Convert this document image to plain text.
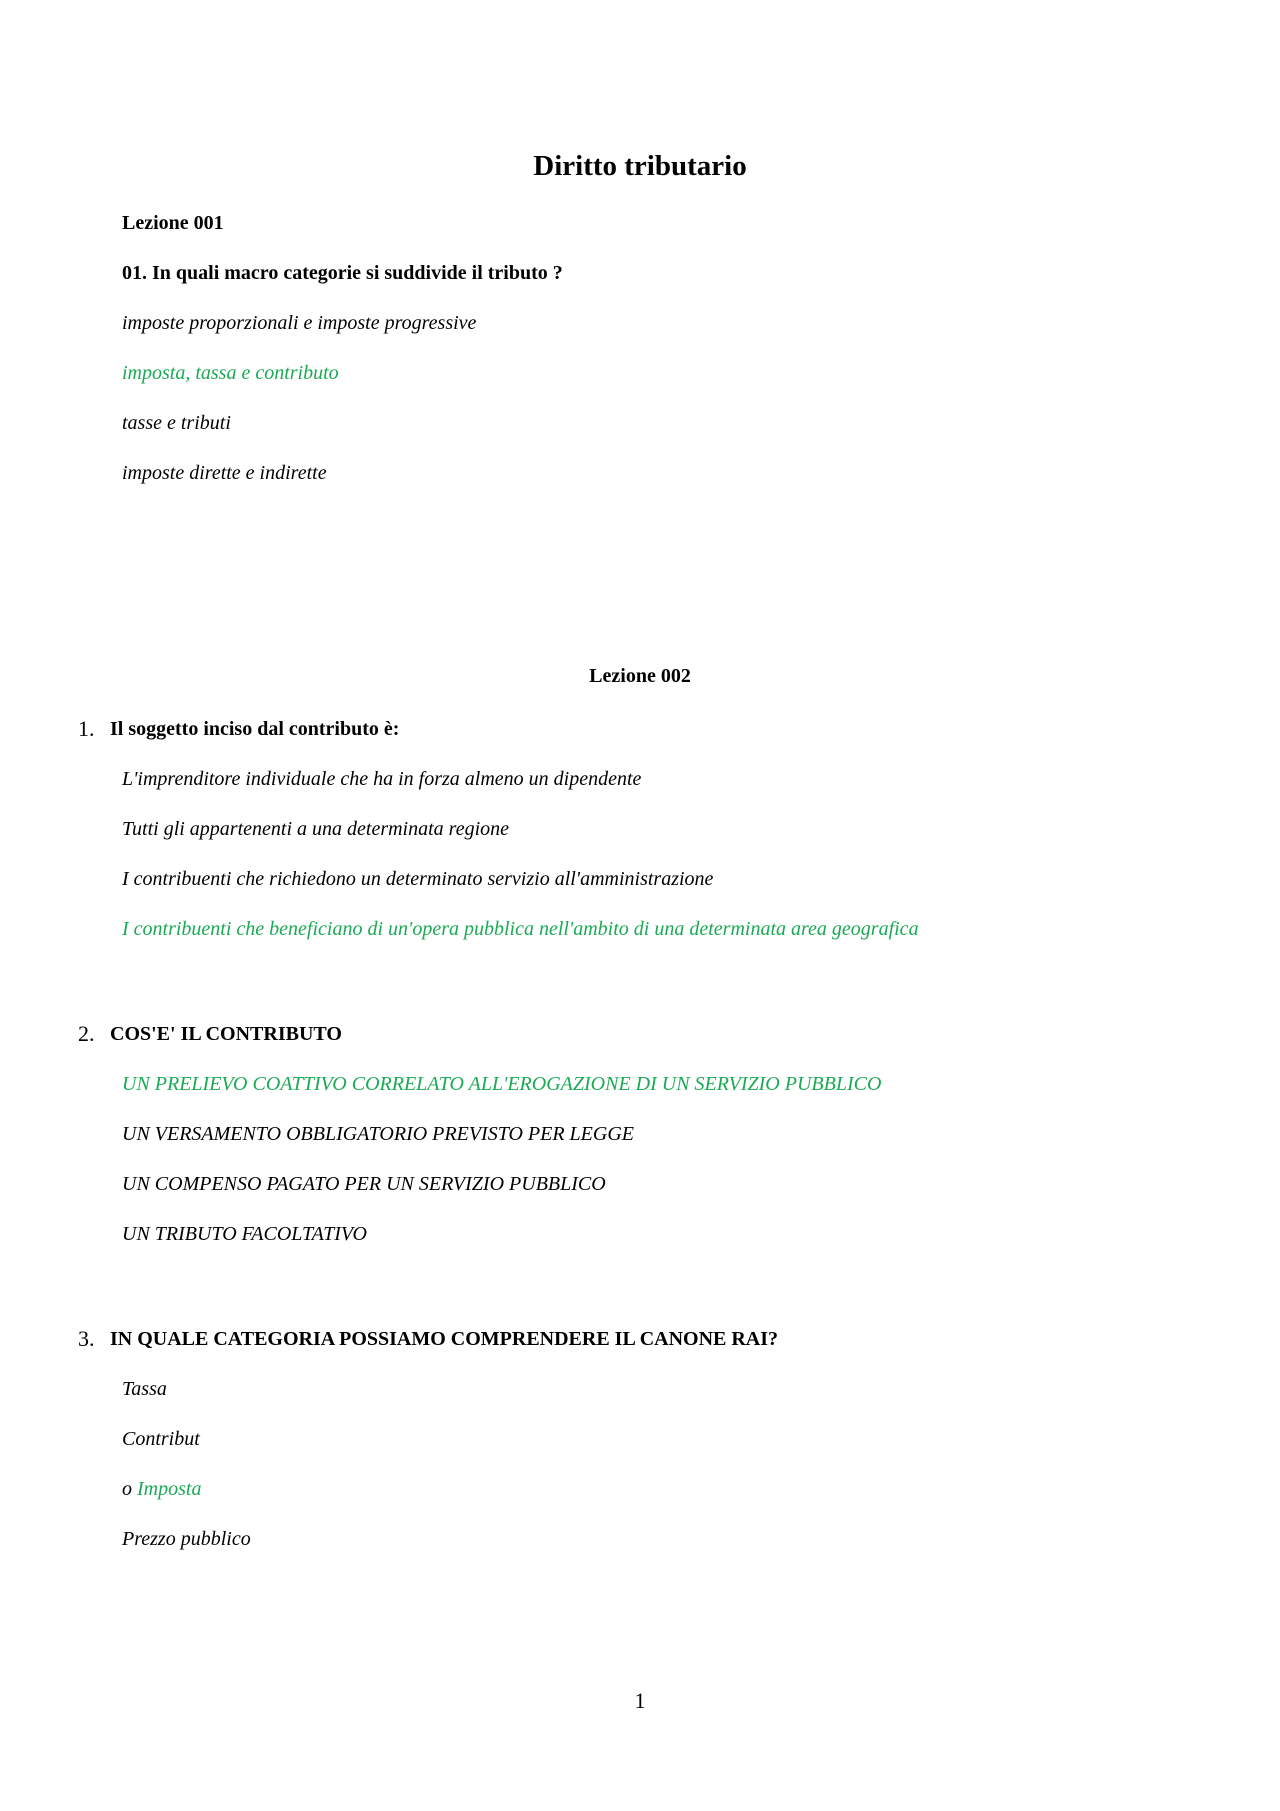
Diritto tributario
Lezione 001
01. In quali macro categorie si suddivide il tributo ?
imposte proporzionali e imposte progressive
imposta, tassa e contributo
tasse e tributi
imposte dirette e indirette
Lezione 002
1. Il soggetto inciso dal contributo è:
L'imprenditore individuale che ha in forza almeno un dipendente
Tutti gli appartenenti a una determinata regione
I contribuenti che richiedono un determinato servizio all'amministrazione
I contribuenti che beneficiano di un'opera pubblica nell'ambito di una determinata area geografica
2. COS'E' IL CONTRIBUTO
UN PRELIEVO COATTIVO CORRELATO ALL'EROGAZIONE DI UN SERVIZIO PUBBLICO
UN VERSAMENTO OBBLIGATORIO PREVISTO PER LEGGE
UN COMPENSO PAGATO PER UN SERVIZIO PUBBLICO
UN TRIBUTO FACOLTATIVO
3. IN QUALE CATEGORIA POSSIAMO COMPRENDERE IL CANONE RAI?
Tassa
Contribut
o Imposta
Prezzo pubblico
1
